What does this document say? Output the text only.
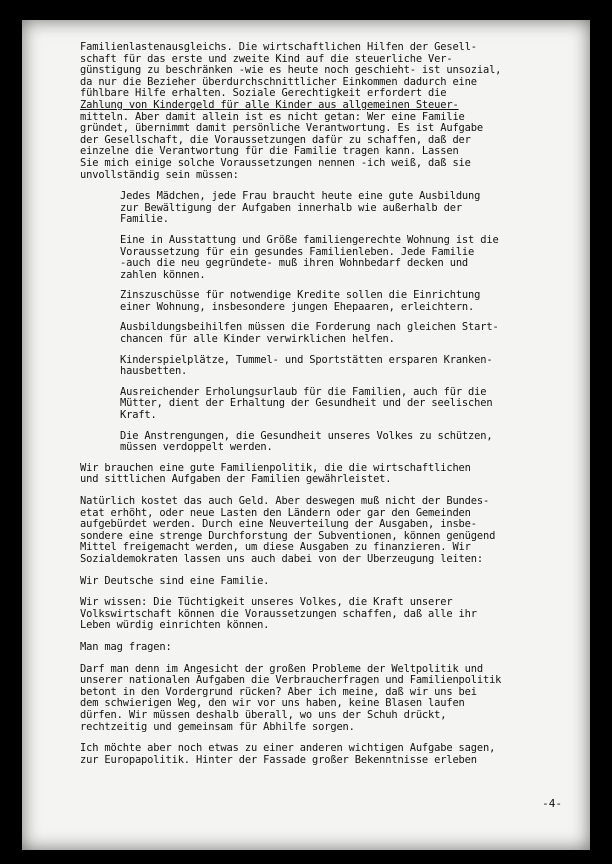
Familienlastenausgleichs. Die wirtschaftlichen Hilfen der Gesell-
schaft für das erste und zweite Kind auf die steuerliche Ver-
günstigung zu beschränken -wie es heute noch geschieht- ist unsozial,
da nur die Bezieher überdurchschnittlicher Einkommen dadurch eine
fühlbare Hilfe erhalten. Soziale Gerechtigkeit erfordert die
Zahlung von Kindergeld für alle Kinder aus allgemeinen Steuer-
mitteln. Aber damit allein ist es nicht getan: Wer eine Familie
gründet, übernimmt damit persönliche Verantwortung. Es ist Aufgabe
der Gesellschaft, die Voraussetzungen dafür zu schaffen, daß der
einzelne die Verantwortung für die Familie tragen kann. Lassen
Sie mich einige solche Voraussetzungen nennen -ich weiß, daß sie
unvollständig sein müssen:
Jedes Mädchen, jede Frau braucht heute eine gute Ausbildung
zur Bewältigung der Aufgaben innerhalb wie außerhalb der
Familie.
Eine in Ausstattung und Größe familiengerechte Wohnung ist die
Voraussetzung für ein gesundes Familienleben. Jede Familie
-auch die neu gegründete- muß ihren Wohnbedarf decken und
zahlen können.
Zinszuschüsse für notwendige Kredite sollen die Einrichtung
einer Wohnung, insbesondere jungen Ehepaaren, erleichtern.
Ausbildungsbeihilfen müssen die Forderung nach gleichen Start-
chancen für alle Kinder verwirklichen helfen.
Kinderspielplätze, Tummel- und Sportstätten ersparen Kranken-
hausbetten.
Ausreichender Erholungsurlaub für die Familien, auch für die
Mütter, dient der Erhaltung der Gesundheit und der seelischen
Kraft.
Die Anstrengungen, die Gesundheit unseres Volkes zu schützen,
müssen verdoppelt werden.
Wir brauchen eine gute Familienpolitik, die die wirtschaftlichen
und sittlichen Aufgaben der Familien gewährleistet.
Natürlich kostet das auch Geld. Aber deswegen muß nicht der Bundes-
etat erhöht, oder neue Lasten den Ländern oder gar den Gemeinden
aufgebürdet werden. Durch eine Neuverteilung der Ausgaben, insbe-
sondere eine strenge Durchforstung der Subventionen, können genügend
Mittel freigemacht werden, um diese Ausgaben zu finanzieren. Wir
Sozialdemokraten lassen uns auch dabei von der Überzeugung leiten:
Wir Deutsche sind eine Familie.
Wir wissen: Die Tüchtigkeit unseres Volkes, die Kraft unserer
Volkswirtschaft können die Voraussetzungen schaffen, daß alle ihr
Leben würdig einrichten können.
Man mag fragen:
Darf man denn im Angesicht der großen Probleme der Weltpolitik und
unserer nationalen Aufgaben die Verbraucherfragen und Familienpolitik
betont in den Vordergrund rücken? Aber ich meine, daß wir uns bei
dem schwierigen Weg, den wir vor uns haben, keine Blasen laufen
dürfen. Wir müssen deshalb überall, wo uns der Schuh drückt,
rechtzeitig und gemeinsam für Abhilfe sorgen.
Ich möchte aber noch etwas zu einer anderen wichtigen Aufgabe sagen,
zur Europapolitik. Hinter der Fassade großer Bekenntnisse erleben
-4-
